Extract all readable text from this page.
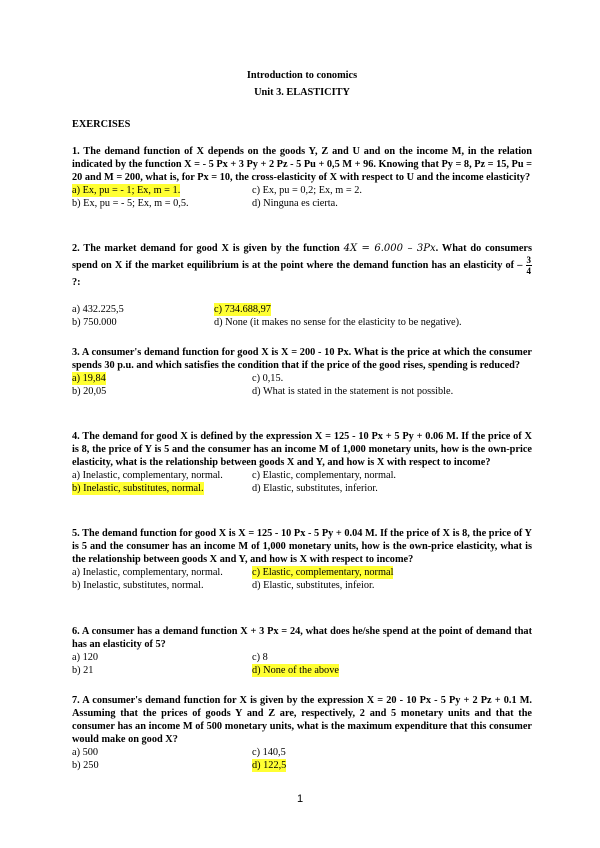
Introduction to conomics
Unit 3. ELASTICITY
EXERCISES
1. The demand function of X depends on the goods Y, Z and U and on the income M, in the relation indicated by the function X = - 5 Px + 3 Py + 2 Pz - 5 Pu + 0,5 M + 96. Knowing that Py = 8, Pz = 15, Pu = 20 and M = 200, what is, for Px = 10, the cross-elasticity of X with respect to U and the income elasticity?
a) Ex, pu = - 1; Ex, m = 1.	c) Ex, pu = 0,2; Ex, m = 2.
b) Ex, pu = - 5; Ex, m = 0,5.	d) Ninguna es cierta.
2. The market demand for good X is given by the function 4X = 6.000 – 3Px. What do consumers spend on X if the market equilibrium is at the point where the demand function has an elasticity of – $\frac{3}{4}$
?:
a) 432.225,5	c) 734.688,97
b) 750.000	d) None (it makes no sense for the elasticity to be negative).
3. A consumer's demand function for good X is X = 200 - 10 Px. What is the price at which the consumer spends 30 p.u. and which satisfies the condition that if the price of the good rises, spending is reduced?
a) 19,84	c) 0,15.
b) 20,05	d) What is stated in the statement is not possible.
4. The demand for good X is defined by the expression X = 125 - 10 Px + 5 Py + 0.06 M. If the price of X is 8, the price of Y is 5 and the consumer has an income M of 1,000 monetary units, how is the own-price elasticity, what is the relationship between goods X and Y, and how is X with respect to income?
a) Inelastic, complementary, normal.	c) Elastic, complementary, normal.
b) Inelastic, substitutes, normal.	d) Elastic, substitutes, inferior.
5. The demand function for good X is X = 125 - 10 Px - 5 Py + 0.04 M. If the price of X is 8, the price of Y is 5 and the consumer has an income M of 1,000 monetary units, how is the own-price elasticity, what is the relationship between goods X and Y, and how is X with respect to income?
a) Inelastic, complementary, normal.	c) Elastic, complementary, normal
b) Inelastic, substitutes, normal.	d) Elastic, substitutes, infeior.
6. A consumer has a demand function X + 3 Px = 24, what does he/she spend at the point of demand that has an elasticity of 5?
a) 120	c) 8
b) 21	d) None of the above
7. A consumer's demand function for X is given by the expression X = 20 - 10 Px - 5 Py + 2 Pz + 0.1 M. Assuming that the prices of goods Y and Z are, respectively, 2 and 5 monetary units and that the consumer has an income M of 500 monetary units, what is the maximum expenditure that this consumer would make on good X?
a) 500	c) 140,5
b) 250	d) 122,5
1
